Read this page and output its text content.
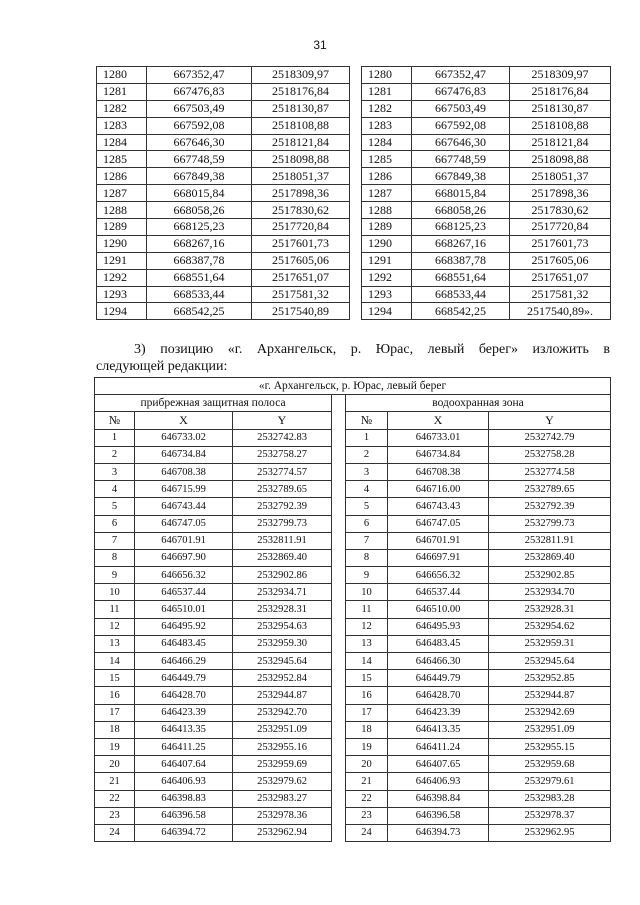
31
1280	667352,47	2518309,97		1280	667352,47	2518309,97
1281	667476,83	2518176,84		1281	667476,83	2518176,84
1282	667503,49	2518130,87		1282	667503,49	2518130,87
1283	667592,08	2518108,88		1283	667592,08	2518108,88
1284	667646,30	2518121,84		1284	667646,30	2518121,84
1285	667748,59	2518098,88		1285	667748,59	2518098,88
1286	667849,38	2518051,37		1286	667849,38	2518051,37
1287	668015,84	2517898,36		1287	668015,84	2517898,36
1288	668058,26	2517830,62		1288	668058,26	2517830,62
1289	668125,23	2517720,84		1289	668125,23	2517720,84
1290	668267,16	2517601,73		1290	668267,16	2517601,73
1291	668387,78	2517605,06		1291	668387,78	2517605,06
1292	668551,64	2517651,07		1292	668551,64	2517651,07
1293	668533,44	2517581,32		1293	668533,44	2517581,32
1294	668542,25	2517540,89		1294	668542,25	2517540,89».
3) позицию «г. Архангельск, р. Юрас, левый берег» изложить в
следующей редакции:
«г. Архангельск, р. Юрас, левый берег						
прибрежная защитная полоса				водоохранная зона		
№	X	Y		№	X	Y
1	646733.02	2532742.83		1	646733.01	2532742.79
2	646734.84	2532758.27		2	646734.84	2532758.28
3	646708.38	2532774.57		3	646708.38	2532774.58
4	646715.99	2532789.65		4	646716.00	2532789.65
5	646743.44	2532792.39		5	646743.43	2532792.39
6	646747.05	2532799.73		6	646747.05	2532799.73
7	646701.91	2532811.91		7	646701.91	2532811.91
8	646697.90	2532869.40		8	646697.91	2532869.40
9	646656.32	2532902.86		9	646656.32	2532902.85
10	646537.44	2532934.71		10	646537.44	2532934.70
11	646510.01	2532928.31		11	646510.00	2532928.31
12	646495.92	2532954.63		12	646495.93	2532954.62
13	646483.45	2532959.30		13	646483.45	2532959.31
14	646466.29	2532945.64		14	646466.30	2532945.64
15	646449.79	2532952.84		15	646449.79	2532952.85
16	646428.70	2532944.87		16	646428.70	2532944.87
17	646423.39	2532942.70		17	646423.39	2532942.69
18	646413.35	2532951.09		18	646413.35	2532951.09
19	646411.25	2532955.16		19	646411.24	2532955.15
20	646407.64	2532959.69		20	646407.65	2532959.68
21	646406.93	2532979.62		21	646406.93	2532979.61
22	646398.83	2532983.27		22	646398.84	2532983.28
23	646396.58	2532978.36		23	646396.58	2532978.37
24	646394.72	2532962.94		24	646394.73	2532962.95
